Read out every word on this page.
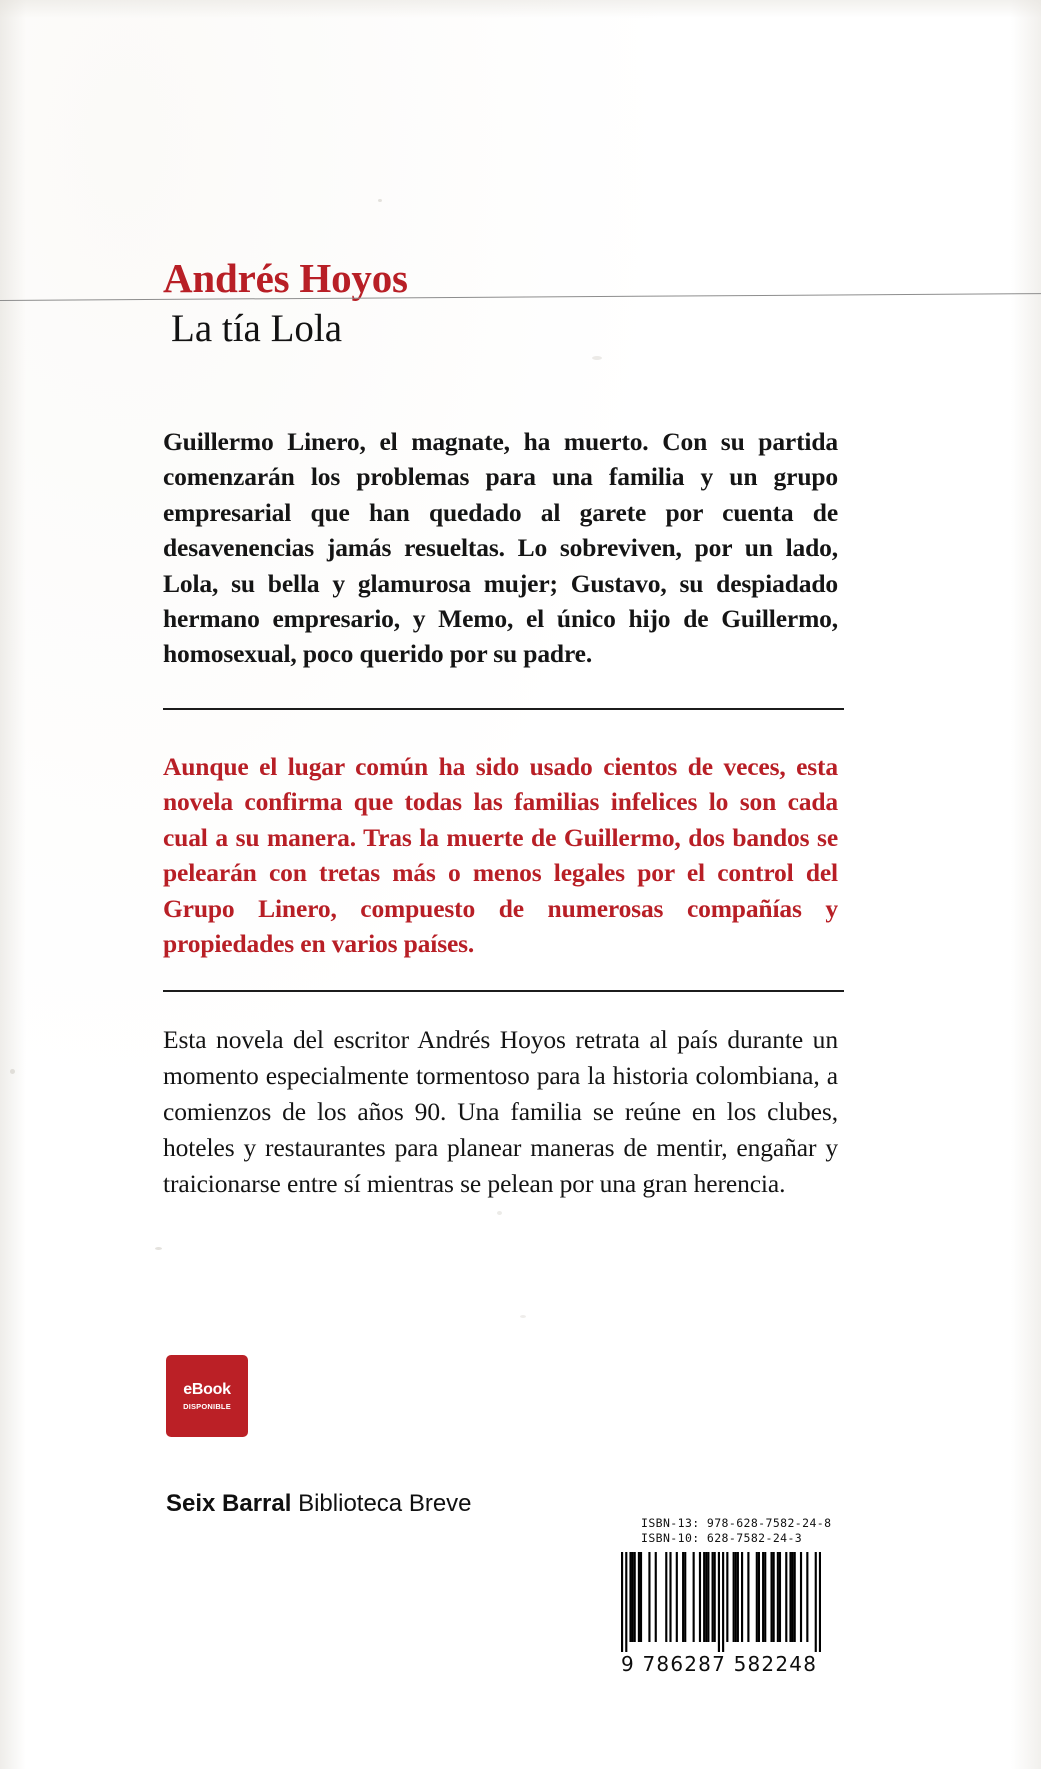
Andrés Hoyos
La tía Lola

Guillermo Linero, el magnate, ha muerto. Con su partida comenzarán los problemas para una familia y un grupo empresarial que han quedado al garete por cuenta de desavenencias jamás resueltas. Lo sobreviven, por un lado, Lola, su bella y glamurosa mujer; Gustavo, su despiadado hermano empresario, y Memo, el único hijo de Guillermo, homosexual, poco querido por su padre.

Aunque el lugar común ha sido usado cientos de veces, esta novela confirma que todas las familias infelices lo son cada cual a su manera. Tras la muerte de Guillermo, dos bandos se pelearán con tretas más o menos legales por el control del Grupo Linero, compuesto de numerosas compañías y propiedades en varios países.

Esta novela del escritor Andrés Hoyos retrata al país durante un momento especialmente tormentoso para la historia colombiana, a comienzos de los años 90. Una familia se reúne en los clubes, hoteles y restaurantes para planear maneras de mentir, engañar y traicionarse entre sí mientras se pelean por una gran herencia.

eBook
DISPONIBLE
Seix Barral Biblioteca Breve
ISBN-13: 978-628-7582-24-8
ISBN-10: 628-7582-24-3
9 786287 582248
